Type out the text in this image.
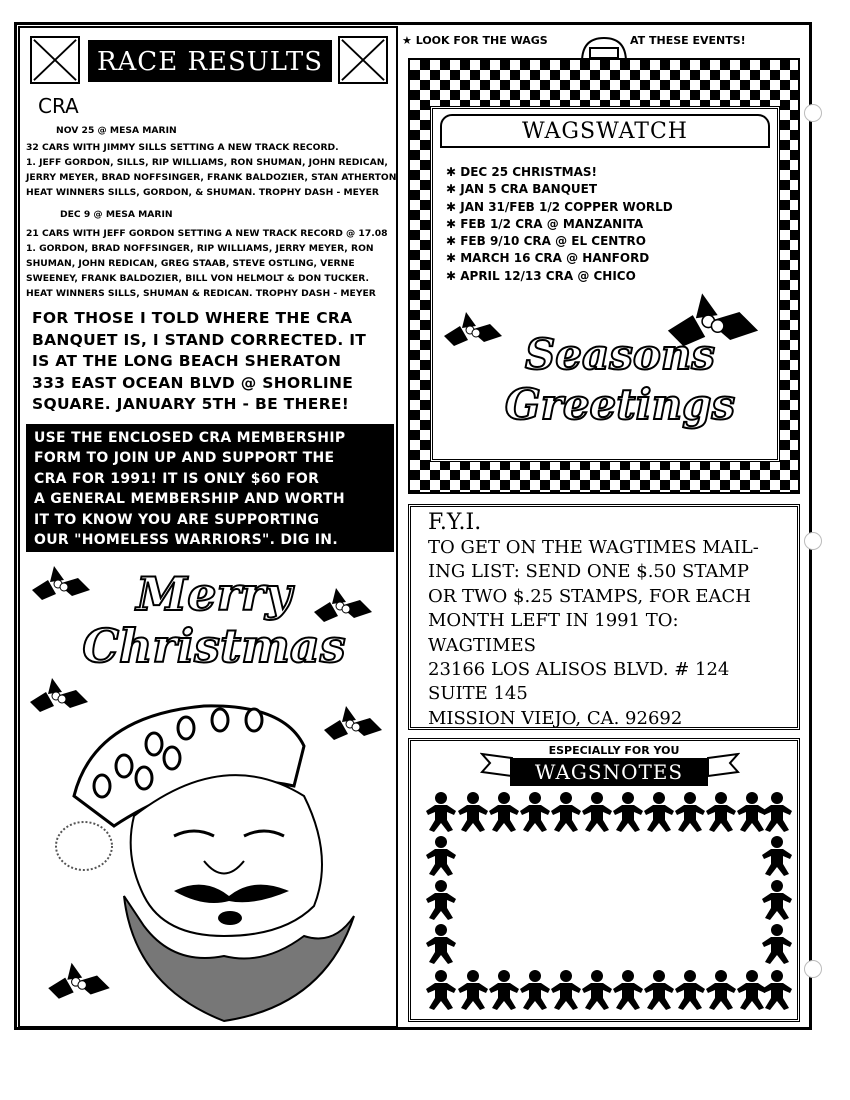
RACE RESULTS
CRA
NOV 25 @ MESA MARIN
32 CARS WITH JIMMY SILLS SETTING A NEW TRACK RECORD.
1. JEFF GORDON, SILLS, RIP WILLIAMS, RON SHUMAN, JOHN REDICAN,
JERRY MEYER, BRAD NOFFSINGER, FRANK BALDOZIER, STAN ATHERTON
HEAT WINNERS SILLS, GORDON, & SHUMAN. TROPHY DASH - MEYER
DEC 9 @ MESA MARIN
21 CARS WITH JEFF GORDON SETTING A NEW TRACK RECORD @ 17.08
1. GORDON, BRAD NOFFSINGER, RIP WILLIAMS, JERRY MEYER, RON
SHUMAN, JOHN REDICAN, GREG STAAB, STEVE OSTLING, VERNE
SWEENEY, FRANK BALDOZIER, BILL VON HELMOLT & DON TUCKER.
HEAT WINNERS SILLS, SHUMAN & REDICAN. TROPHY DASH - MEYER
FOR THOSE I TOLD WHERE THE CRA
BANQUET IS, I STAND CORRECTED. IT
IS AT THE LONG BEACH SHERATON
333 EAST OCEAN BLVD @ SHORLINE
SQUARE. JANUARY 5TH - BE THERE!
USE THE ENCLOSED CRA MEMBERSHIP
FORM TO JOIN UP AND SUPPORT THE
CRA FOR 1991! IT IS ONLY $60 FOR
A GENERAL MEMBERSHIP AND WORTH
IT TO KNOW YOU ARE SUPPORTING
OUR "HOMELESS WARRIORS". DIG IN.
Merry
Christmas
★ LOOK FOR THE WAGS	AT THESE EVENTS!
WAGSWATCH
✱ DEC 25 CHRISTMAS!
✱ JAN 5 CRA BANQUET
✱ JAN 31/FEB 1/2 COPPER WORLD
✱ FEB 1/2 CRA @ MANZANITA
✱ FEB 9/10 CRA @ EL CENTRO
✱ MARCH 16 CRA @ HANFORD
✱ APRIL 12/13 CRA @ CHICO
Seasons
Greetings
F.Y.I.
TO GET ON THE WAGTIMES MAIL-
ING LIST: SEND ONE $.50 STAMP
OR TWO $.25 STAMPS, FOR EACH
MONTH LEFT IN 1991 TO:
WAGTIMES
23166 LOS ALISOS BLVD. # 124
SUITE 145
MISSION VIEJO, CA. 92692
ESPECIALLY FOR YOU
WAGSNOTES
